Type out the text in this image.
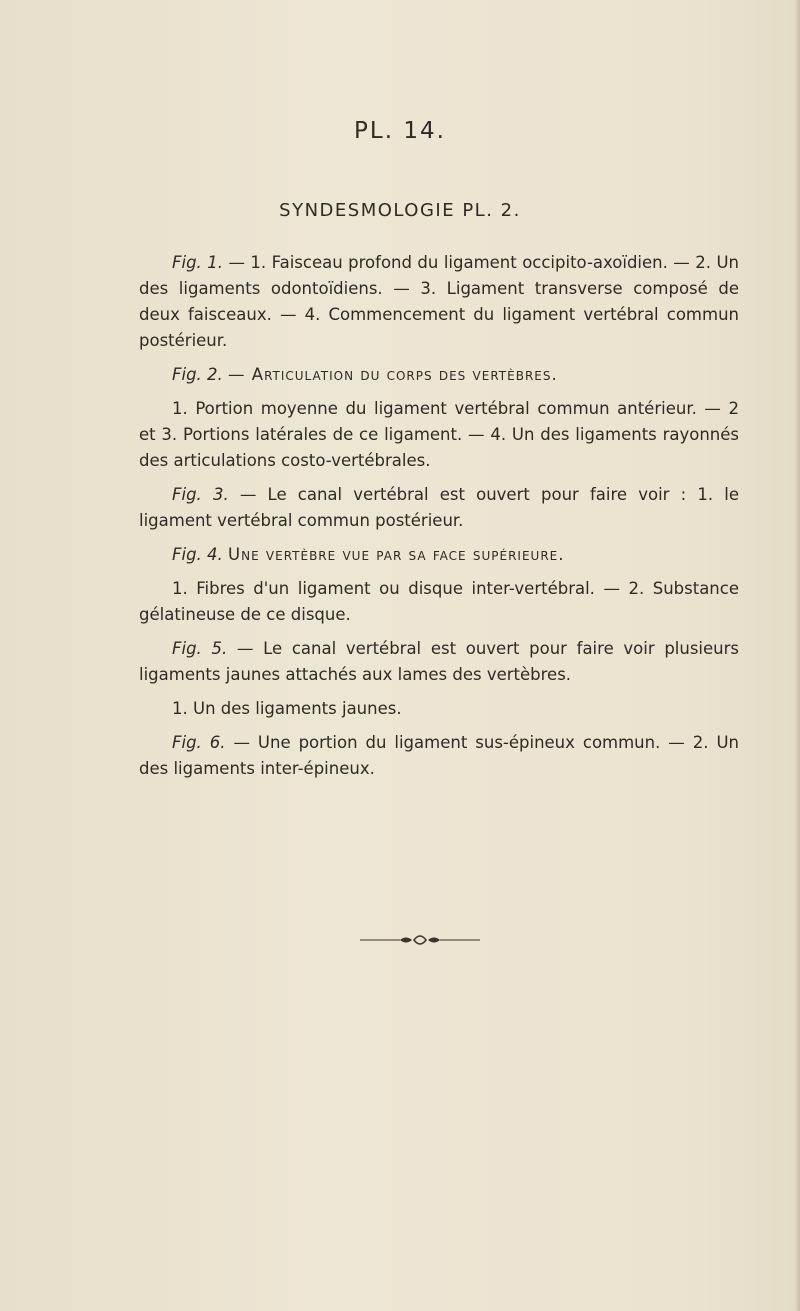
PL. 14.
SYNDESMOLOGIE PL. 2.

Fig. 1. — 1. Faisceau profond du ligament occipito-axoïdien. — 2. Un des ligaments odontoïdiens. — 3. Ligament transverse composé de deux faisceaux. — 4. Commencement du ligament vertébral commun postérieur.

Fig. 2. — Articulation du corps des vertèbres.

1. Portion moyenne du ligament vertébral commun antérieur. — 2 et 3. Portions latérales de ce ligament. — 4. Un des ligaments rayonnés des articulations costo-vertébrales.

Fig. 3. — Le canal vertébral est ouvert pour faire voir : 1. le ligament vertébral commun postérieur.

Fig. 4. Une vertèbre vue par sa face supérieure.

1. Fibres d'un ligament ou disque inter-vertébral. — 2. Substance gélatineuse de ce disque.

Fig. 5. — Le canal vertébral est ouvert pour faire voir plusieurs ligaments jaunes attachés aux lames des vertèbres.

1. Un des ligaments jaunes.

Fig. 6. — Une portion du ligament sus-épineux commun. — 2. Un des ligaments inter-épineux.
